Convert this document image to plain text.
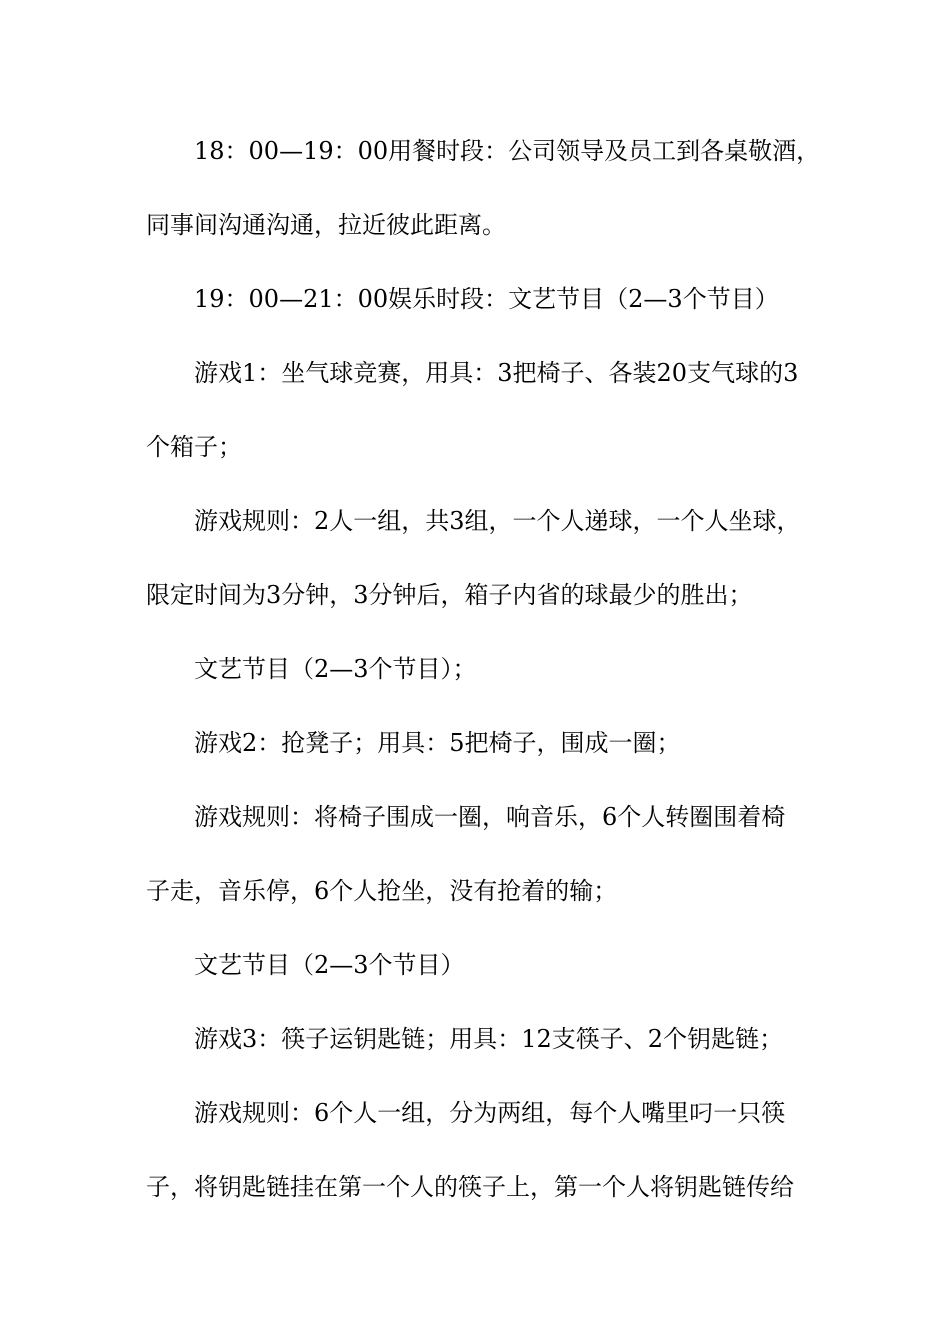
18：00—19：00用餐时段：公司领导及员工到各桌敬酒，
同事间沟通沟通，拉近彼此距离。
19：00—21：00娱乐时段：文艺节目（2—3个节目）
游戏1：坐气球竞赛，用具：3把椅子、各装20支气球的3
个箱子；
游戏规则：2人一组，共3组，一个人递球，一个人坐球，
限定时间为3分钟，3分钟后，箱子内省的球最少的胜出；
文艺节目（2—3个节目）；
游戏2：抢凳子；用具：5把椅子，围成一圈；
游戏规则：将椅子围成一圈，响音乐，6个人转圈围着椅
子走，音乐停，6个人抢坐，没有抢着的输；
文艺节目（2—3个节目）
游戏3：筷子运钥匙链；用具：12支筷子、2个钥匙链；
游戏规则：6个人一组，分为两组，每个人嘴里叼一只筷
子，将钥匙链挂在第一个人的筷子上，第一个人将钥匙链传给
